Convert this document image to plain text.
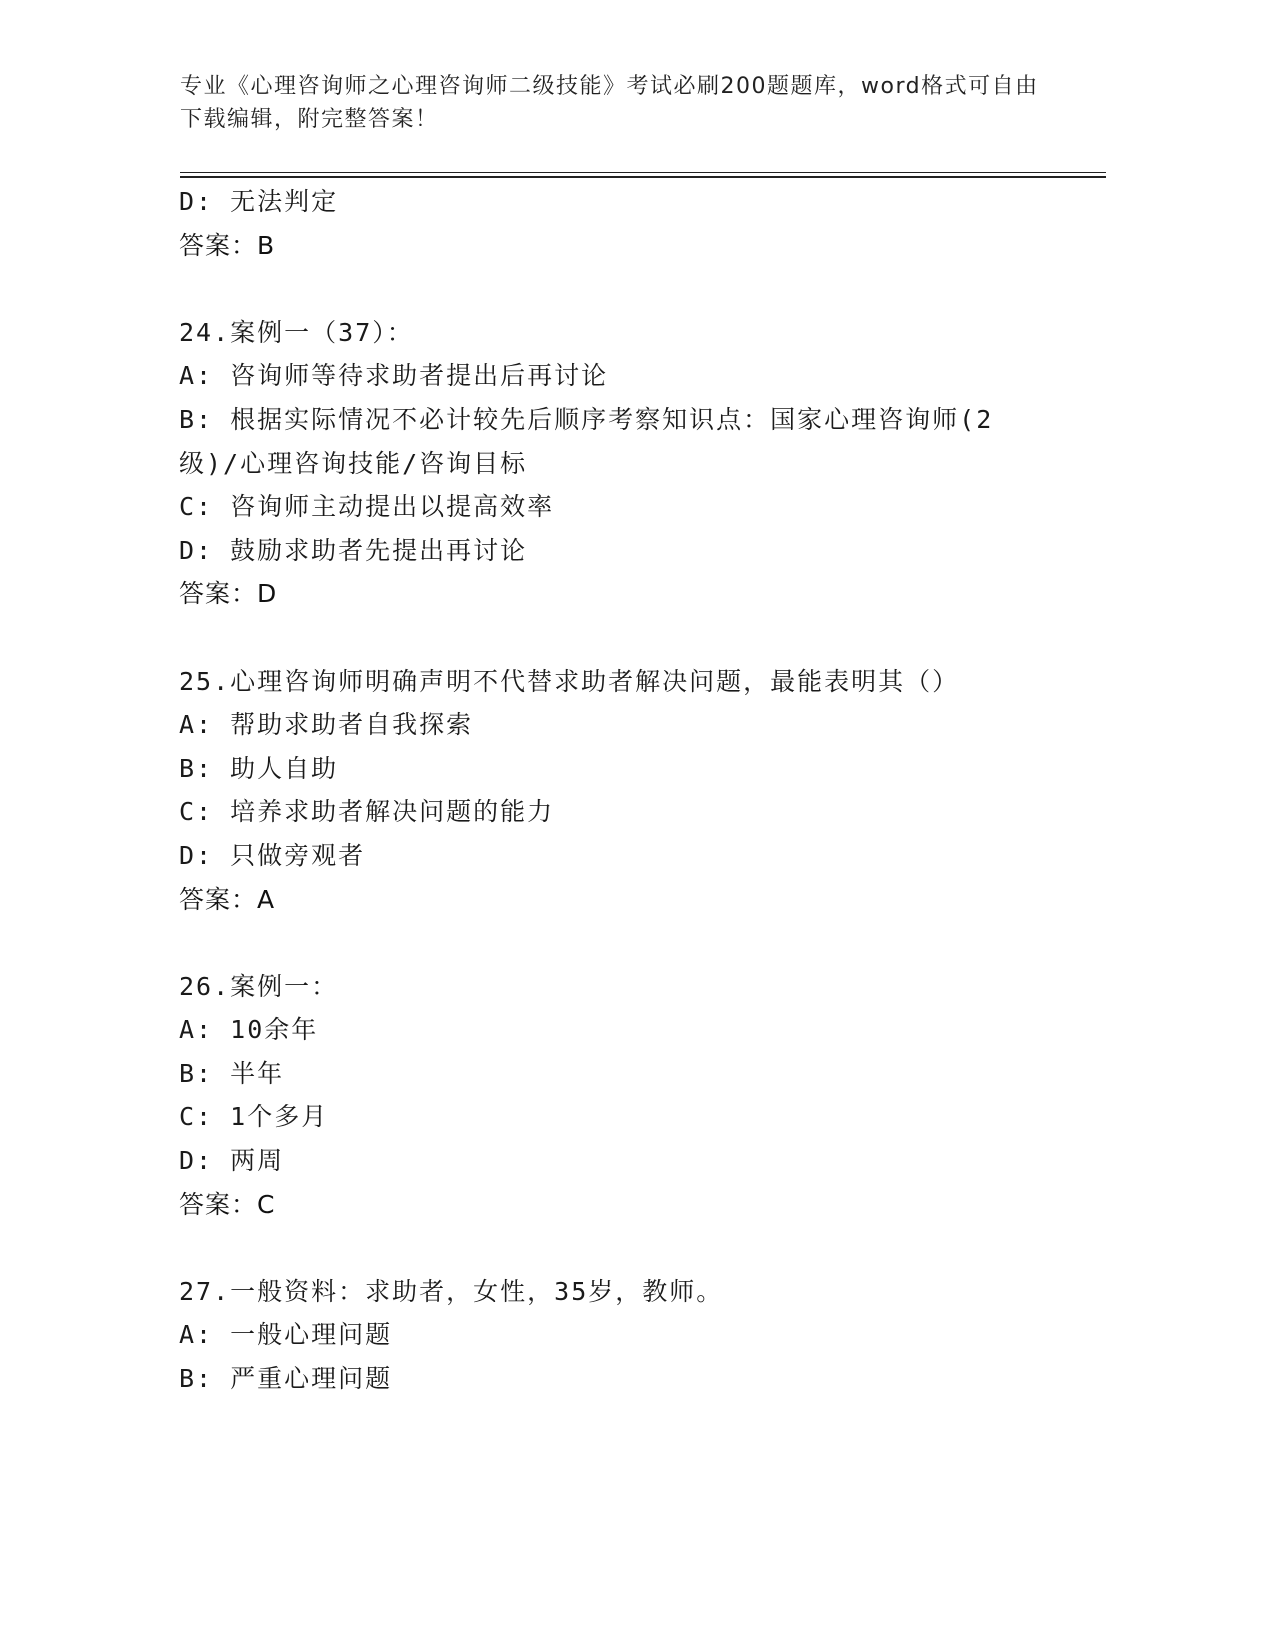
专业《心理咨询师之心理咨询师二级技能》考试必刷200题题库，word格式可自由下载编辑，附完整答案！
D: 无法判定
答案：B
24.案例一（37）：
A: 咨询师等待求助者提出后再讨论
B: 根据实际情况不必计较先后顺序考察知识点：国家心理咨询师(2级)/心理咨询技能/咨询目标
C: 咨询师主动提出以提高效率
D: 鼓励求助者先提出再讨论
答案：D
25.心理咨询师明确声明不代替求助者解决问题，最能表明其（）
A: 帮助求助者自我探索
B: 助人自助
C: 培养求助者解决问题的能力
D: 只做旁观者
答案：A
26.案例一：
A: 10余年
B: 半年
C: 1个多月
D: 两周
答案：C
27.一般资料：求助者，女性，35岁，教师。
A: 一般心理问题
B: 严重心理问题
